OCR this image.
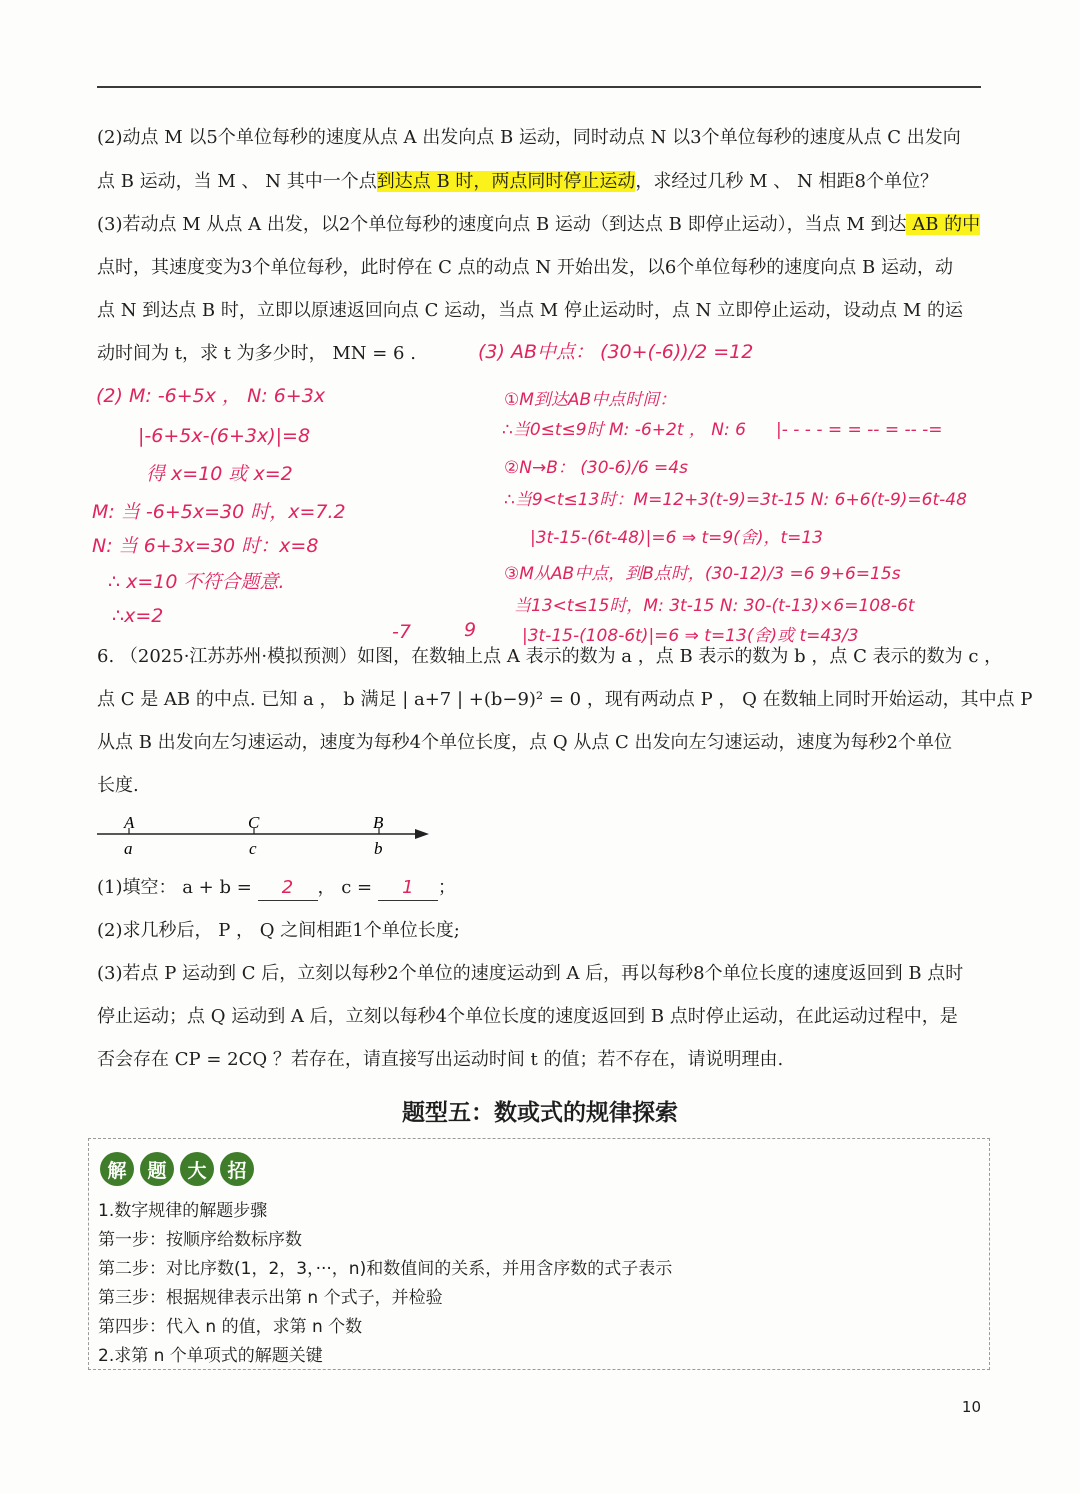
(2)动点 M 以5个单位每秒的速度从点 A 出发向点 B 运动，同时动点 N 以3个单位每秒的速度从点 C 出发向
点 B 运动，当 M 、 N 其中一个点到达点 B 时，两点同时停止运动，求经过几秒 M 、 N 相距8个单位？
(3)若动点 M 从点 A 出发，以2个单位每秒的速度向点 B 运动（到达点 B 即停止运动），当点 M 到达 AB 的中
点时，其速度变为3个单位每秒，此时停在 C 点的动点 N 开始出发，以6个单位每秒的速度向点 B 运动，动
点 N 到达点 B 时，立即以原速返回向点 C 运动，当点 M 停止运动时，点 N 立即停止运动，设动点 M 的运
动时间为 t，求 t 为多少时， MN = 6 .	(3) AB中点： (30+(-6))/2 =12
(2) M: -6+5x ， N: 6+3x	①M到达AB中点时间：
|-6+5x-(6+3x)|=8	∴当0≤t≤9时 M: -6+2t ， N: 6 |- - - - = = -- = -- -=
得 x=10 或 x=2	②N→B： (30-6)/6 =4s
M: 当 -6+5x=30 时，x=7.2
∴当9<t≤13时：M=12+3(t-9)=3t-15 N: 6+6(t-9)=6t-48
N: 当 6+3x=30 时：x=8	|3t-15-(6t-48)|=6 ⇒ t=9(舍)，t=13
∴ x=10 不符合题意.	③M从AB中点，到B点时，(30-12)/3 =6 9+6=15s
∴x=2	当13<t≤15时，M: 3t-15 N: 30-(t-13)×6=108-6t
-7	9	|3t-15-(108-6t)|=6 ⇒ t=13(舍)或 t=43/3
6. （2025·江苏苏州·模拟预测）如图，在数轴上点 A 表示的数为 a ，点 B 表示的数为 b ，点 C 表示的数为 c ，
点 C 是 AB 的中点. 已知 a ， b 满足 | a+7 | +(b−9)² = 0 ，现有两动点 P ， Q 在数轴上同时开始运动，其中点 P
从点 B 出发向左匀速运动，速度为每秒4个单位长度，点 Q 从点 C 出发向左匀速运动，速度为每秒2个单位
长度.
A	C	B
a	c	b
(1)填空： a + b = 2 ， c = 1 ；
(2)求几秒后， P ， Q 之间相距1个单位长度;
(3)若点 P 运动到 C 后，立刻以每秒2个单位的速度运动到 A 后，再以每秒8个单位长度的速度返回到 B 点时
停止运动；点 Q 运动到 A 后，立刻以每秒4个单位长度的速度返回到 B 点时停止运动，在此运动过程中，是
否会存在 CP = 2CQ ？若存在，请直接写出运动时间 t 的值；若不存在，请说明理由.
题型五：数或式的规律探索
解	题	大	招
1.数字规律的解题步骤
第一步：按顺序给数标序数
第二步：对比序数(1，2，3，···，n)和数值间的关系，并用含序数的式子表示
第三步：根据规律表示出第 n 个式子，并检验
第四步：代入 n 的值，求第 n 个数
2.求第 n 个单项式的解题关键
10
